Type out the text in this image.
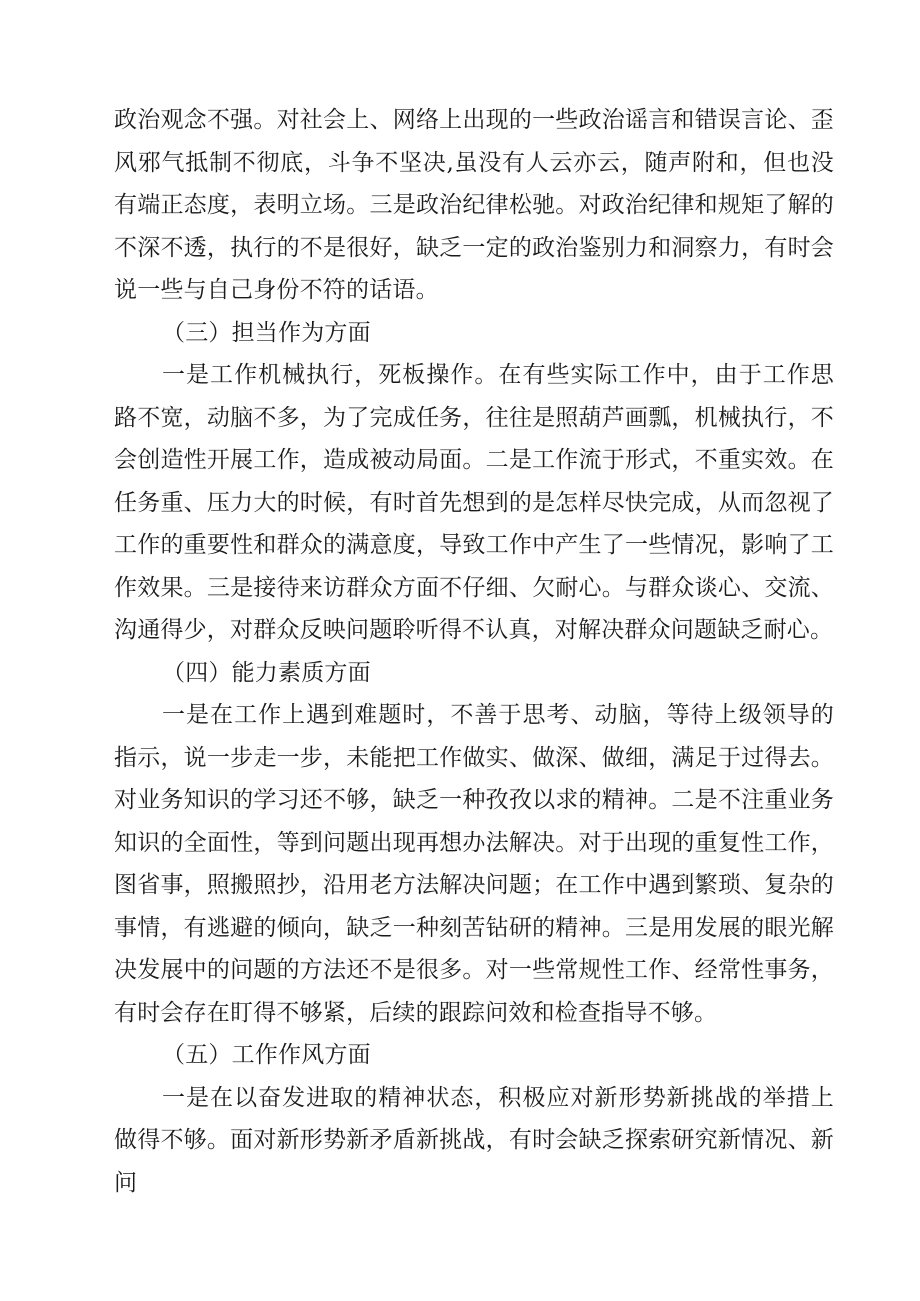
政治观念不强。对社会上、网络上出现的一些政治谣言和错误言论、歪风邪气抵制不彻底，斗争不坚决,虽没有人云亦云，随声附和，但也没有端正态度，表明立场。三是政治纪律松驰。对政治纪律和规矩了解的不深不透，执行的不是很好，缺乏一定的政治鉴别力和洞察力，有时会说一些与自己身份不符的话语。

（三）担当作为方面

一是工作机械执行，死板操作。在有些实际工作中，由于工作思路不宽，动脑不多，为了完成任务，往往是照葫芦画瓢，机械执行，不会创造性开展工作，造成被动局面。二是工作流于形式，不重实效。在任务重、压力大的时候，有时首先想到的是怎样尽快完成，从而忽视了工作的重要性和群众的满意度，导致工作中产生了一些情况，影响了工作效果。三是接待来访群众方面不仔细、欠耐心。与群众谈心、交流、沟通得少，对群众反映问题聆听得不认真，对解决群众问题缺乏耐心。

（四）能力素质方面

一是在工作上遇到难题时，不善于思考、动脑，等待上级领导的指示，说一步走一步，未能把工作做实、做深、做细，满足于过得去。对业务知识的学习还不够，缺乏一种孜孜以求的精神。二是不注重业务知识的全面性，等到问题出现再想办法解决。对于出现的重复性工作，图省事，照搬照抄，沿用老方法解决问题；在工作中遇到繁琐、复杂的事情，有逃避的倾向，缺乏一种刻苦钻研的精神。三是用发展的眼光解决发展中的问题的方法还不是很多。对一些常规性工作、经常性事务，有时会存在盯得不够紧，后续的跟踪问效和检查指导不够。

（五）工作作风方面

一是在以奋发进取的精神状态，积极应对新形势新挑战的举措上做得不够。面对新形势新矛盾新挑战，有时会缺乏探索研究新情况、新问
